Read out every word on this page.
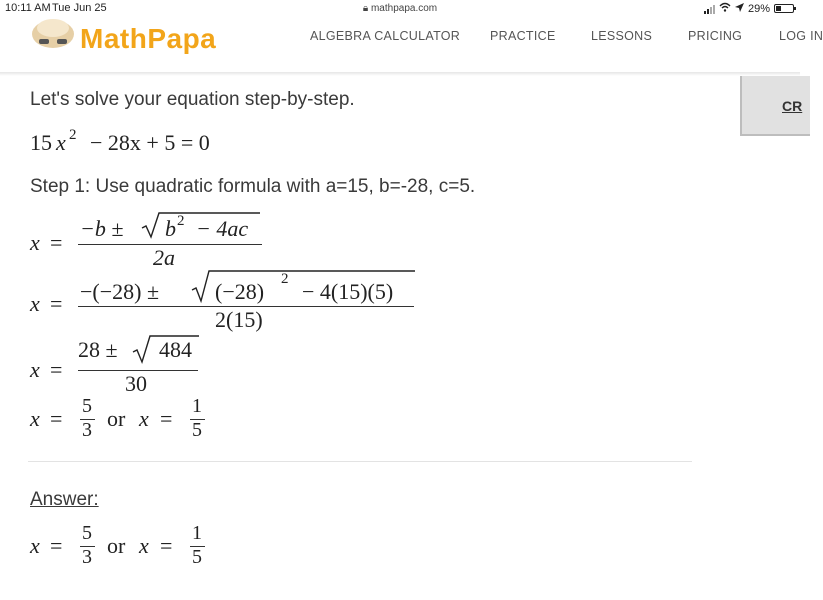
10:11 AM Tue Jun 25	🔒︎ mathpapa.com	29%
MathPapa	ALGEBRA CALCULATOR PRACTICE	LESSONS	PRICING	LOG IN
CR
Let's solve your equation step-by-step.
15 x 2 − 28x + 5 = 0
Step 1: Use quadratic formula with a=15, b=-28, c=5.
x =
−b ± b 2 − 4ac
2a
x = −(−28) ±	(−28) 2 − 4(15)(5)
2(15)
x =
28 ± 484
30
x = 5
3 or x = 1
5
Answer:
x = 5
3 or x = 1
5
